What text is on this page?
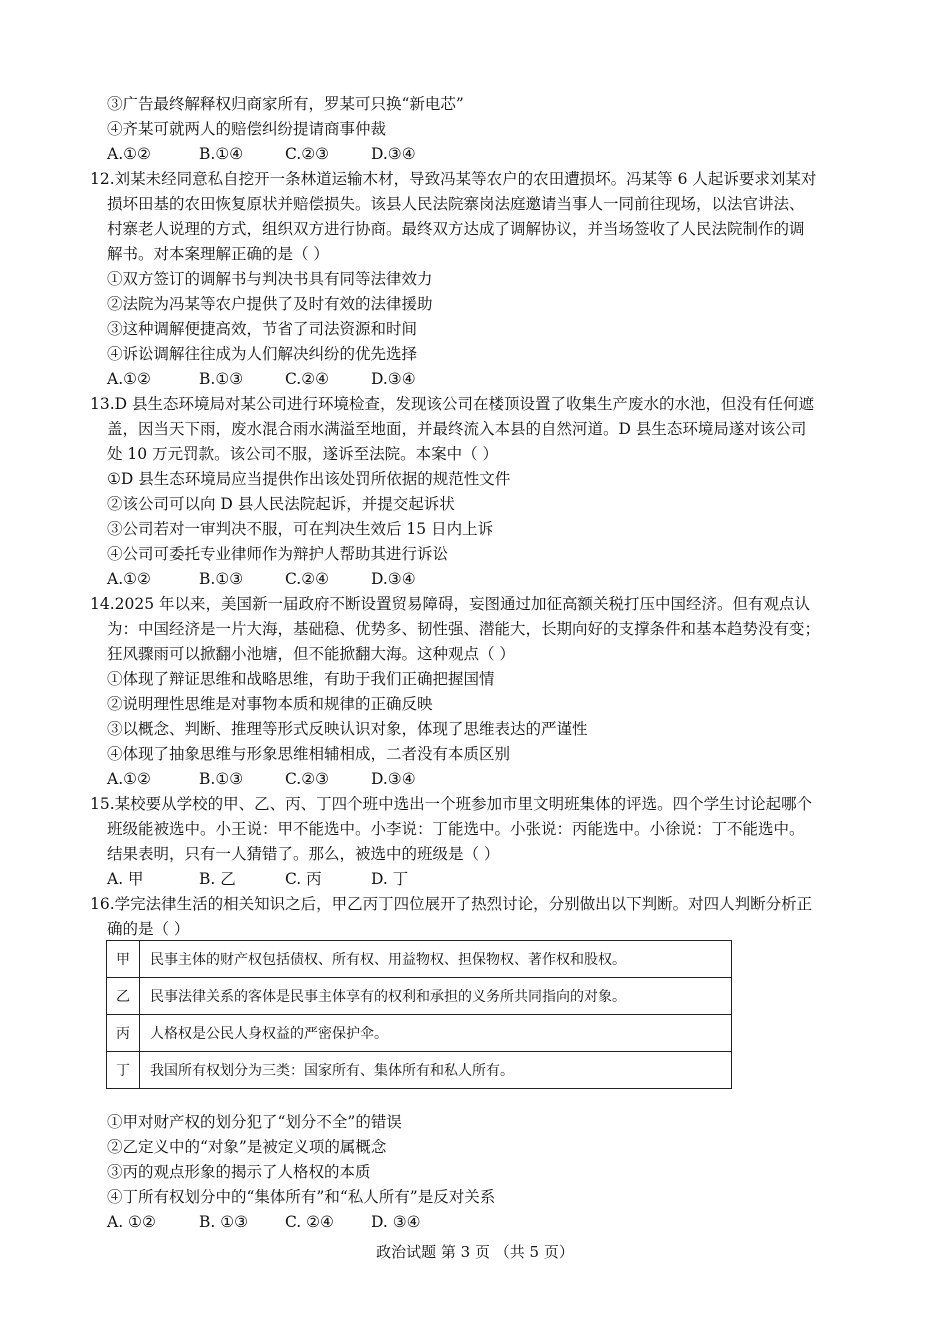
③广告最终解释权归商家所有，罗某可只换“新电芯”
④齐某可就两人的赔偿纠纷提请商事仲裁
A.①②	B.①④	C.②③	D.③④
12.刘某未经同意私自挖开一条林道运输木材，导致冯某等农户的农田遭损坏。冯某等 6 人起诉要求刘某对
损坏田基的农田恢复原状并赔偿损失。该县人民法院寨岗法庭邀请当事人一同前往现场，以法官讲法、
村寨老人说理的方式，组织双方进行协商。最终双方达成了调解协议，并当场签收了人民法院制作的调
解书。对本案理解正确的是（ ）
①双方签订的调解书与判决书具有同等法律效力
②法院为冯某等农户提供了及时有效的法律援助
③这种调解便捷高效，节省了司法资源和时间
④诉讼调解往往成为人们解决纠纷的优先选择
A.①②	B.①③	C.②④	D.③④
13.D 县生态环境局对某公司进行环境检查，发现该公司在楼顶设置了收集生产废水的水池，但没有任何遮
盖，因当天下雨，废水混合雨水满溢至地面，并最终流入本县的自然河道。D 县生态环境局遂对该公司
处 10 万元罚款。该公司不服，遂诉至法院。本案中（ ）
①D 县生态环境局应当提供作出该处罚所依据的规范性文件
②该公司可以向 D 县人民法院起诉，并提交起诉状
③公司若对一审判决不服，可在判决生效后 15 日内上诉
④公司可委托专业律师作为辩护人帮助其进行诉讼
A.①②	B.①③	C.②④	D.③④
14.2025 年以来，美国新一届政府不断设置贸易障碍，妄图通过加征高额关税打压中国经济。但有观点认
为：中国经济是一片大海，基础稳、优势多、韧性强、潜能大，长期向好的支撑条件和基本趋势没有变；
狂风骤雨可以掀翻小池塘，但不能掀翻大海。这种观点（ ）
①体现了辩证思维和战略思维，有助于我们正确把握国情
②说明理性思维是对事物本质和规律的正确反映
③以概念、判断、推理等形式反映认识对象，体现了思维表达的严谨性
④体现了抽象思维与形象思维相辅相成，二者没有本质区别
A.①②	B.①③	C.②③	D.③④
15.某校要从学校的甲、乙、丙、丁四个班中选出一个班参加市里文明班集体的评选。四个学生讨论起哪个
班级能被选中。小王说：甲不能选中。小李说：丁能选中。小张说：丙能选中。小徐说：丁不能选中。
结果表明，只有一人猜错了。那么，被选中的班级是（ ）
A. 甲	B. 乙	C. 丙	D. 丁
16.学完法律生活的相关知识之后，甲乙丙丁四位展开了热烈讨论，分别做出以下判断。对四人判断分析正
确的是（ ）
甲	民事主体的财产权包括债权、所有权、用益物权、担保物权、著作权和股权。
乙	民事法律关系的客体是民事主体享有的权利和承担的义务所共同指向的对象。
丙	人格权是公民人身权益的严密保护伞。
丁	我国所有权划分为三类：国家所有、集体所有和私人所有。
①甲对财产权的划分犯了“划分不全”的错误
②乙定义中的“对象”是被定义项的属概念
③丙的观点形象的揭示了人格权的本质
④丁所有权划分中的“集体所有”和“私人所有”是反对关系
A. ①②	B. ①③ C. ②④ D. ③④
政治试题 第 3 页 （共 5 页）
